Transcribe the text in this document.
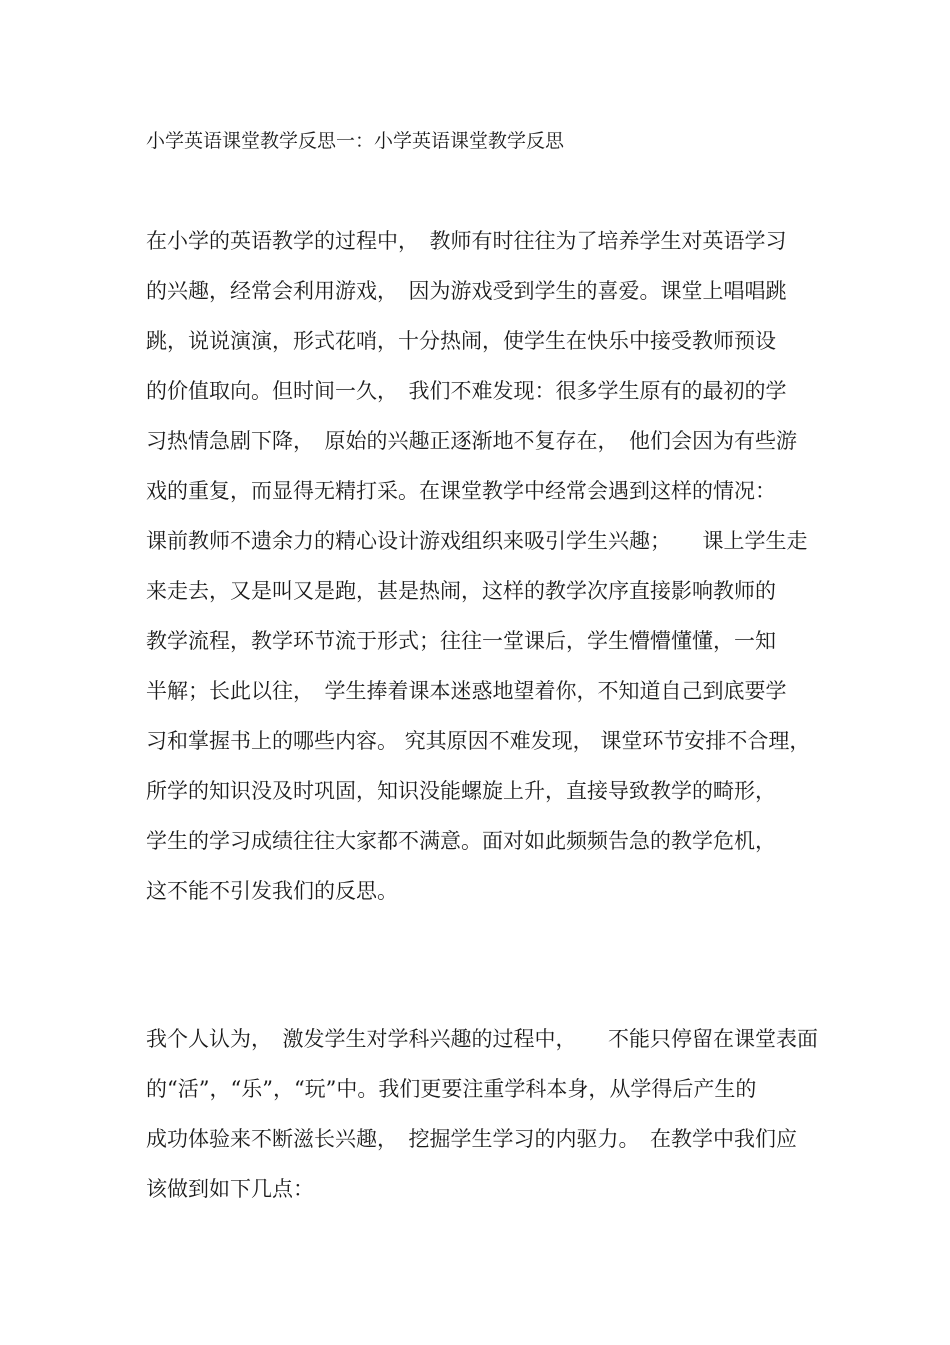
小学英语课堂教学反思一：小学英语课堂教学反思
在小学的英语教学的过程中，　教师有时往往为了培养学生对英语学习
的兴趣，经常会利用游戏，　因为游戏受到学生的喜爱。课堂上唱唱跳
跳，说说演演，形式花哨，十分热闹，使学生在快乐中接受教师预设
的价值取向。但时间一久，　我们不难发现：很多学生原有的最初的学
习热情急剧下降，　原始的兴趣正逐渐地不复存在，　他们会因为有些游
戏的重复，而显得无精打采。在课堂教学中经常会遇到这样的情况：
课前教师不遗余力的精心设计游戏组织来吸引学生兴趣；　　课上学生走
来走去，又是叫又是跑，甚是热闹，这样的教学次序直接影响教师的
教学流程，教学环节流于形式；往往一堂课后，学生懵懵懂懂，一知
半解；长此以往，　学生捧着课本迷惑地望着你，不知道自己到底要学
习和掌握书上的哪些内容。 究其原因不难发现， 课堂环节安排不合理，
所学的知识没及时巩固，知识没能螺旋上升，直接导致教学的畸形，
学生的学习成绩往往大家都不满意。面对如此频频告急的教学危机，
这不能不引发我们的反思。
我个人认为，　激发学生对学科兴趣的过程中，　　不能只停留在课堂表面
的“活”，“乐”，“玩”中。我们更要注重学科本身，从学得后产生的
成功体验来不断滋长兴趣，　挖掘学生学习的内驱力。　在教学中我们应
该做到如下几点：
